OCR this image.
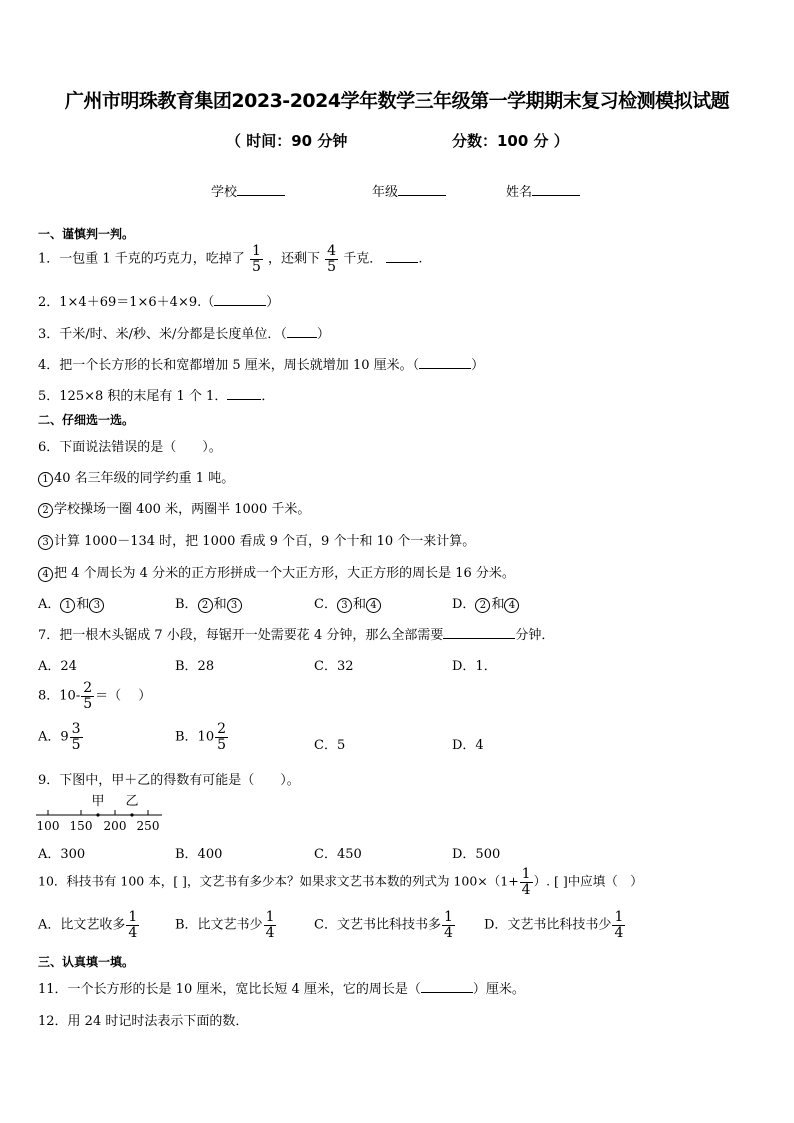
广州市明珠教育集团2023-2024学年数学三年级第一学期期末复习检测模拟试题
（ 时间：90 分钟	分数：100 分 ）
学校	年级	姓名
一、谨慎判一判。
1．一包重 1 千克的巧克力，吃掉了 $\frac{1}{5}$ ，还剩下 $\frac{4}{5}$ 千克．	.
2．1×4＋69＝1×6＋4×9.（	）
3．千米/时、米/秒、米/分都是长度单位．（ ）
4．把一个长方形的长和宽都增加 5 厘米，周长就增加 10 厘米。（	）
5．125×8 积的末尾有 1 个 1．	．
二、仔细选一选。
6．下面说法错误的是（　　）。
1 40 名三年级的同学约重 1 吨。
2 学校操场一圈 400 米，两圈半 1000 千米。
3 计算 1000－134 时，把 1000 看成 9 个百，9 个十和 10 个一来计算。
4 把 4 个周长为 4 分米的正方形拼成一个大正方形，大正方形的周长是 16 分米。
A． 1 和 3	B． 2 和 3	C． 3 和 4	D． 2 和 4
7．把一根木头锯成 7 小段，每锯开一处需要花 4 分钟，那么全部需要	分钟．
A．24	B．28	C．32	D．1．
8．$10- \frac{2}{5}$ ＝（　 ）
A．$9 \frac{3}{5}$	B．$10 \frac{2}{5}$	C．5	D．4
9．下图中，甲＋乙的得数有可能是（　　）。
甲 乙
100 150 200 250
A．300	B．400	C．450	D．500
10．科技书有 100 本，[ ]，文艺书有多少本？如果求文艺书本数的列式为 $100\times(1+ \frac{1}{4}$ ）. [ ]中应填（　）
A．比文艺收多 $\frac{1}{4}$	B．比文艺书少 $\frac{1}{4}$	C．文艺书比科技书多 $\frac{1}{4}$ D．文艺书比科技书少 $\frac{1}{4}$
三、认真填一填。
11．一个长方形的长是 10 厘米，宽比长短 4 厘米，它的周长是（	）厘米。
12．用 24 时记时法表示下面的数．
